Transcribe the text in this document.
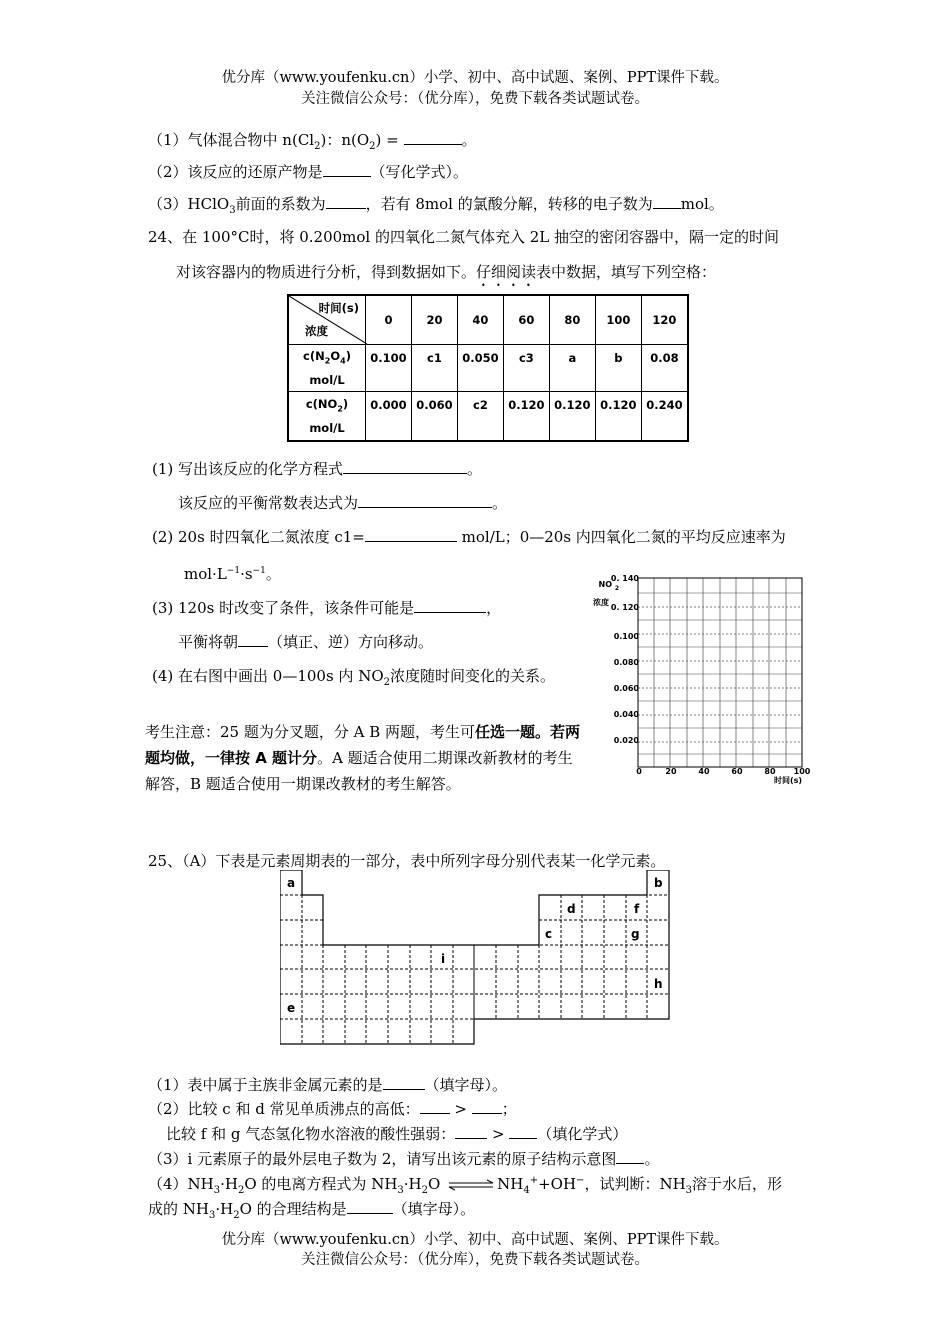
优分库（www.youfenku.cn）小学、初中、高中试题、案例、PPT课件下载。
关注微信公众号：（优分库），免费下载各类试题试卷。
（1）气体混合物中 $n(Cl_2)$：$n(O_2)$ =	。
（2）该反应的还原产物是	（写化学式）。
（3）HClO$_3$前面的系数为	，若有 8mol 的氯酸分解，转移的电子数为 mol。
24、在 100°C时，将 0.200mol 的四氧化二氮气体充入 2L 抽空的密闭容器中，隔一定的时间
对该容器内的物质进行分析，得到数据如下。仔细阅读表中数据，填写下列空格：
时间(s)
浓度	0	20	40	60	80	100	120
$c(N_2O_4)$
mol/L	0.100	c1	0.050	c3	a	b	0.08
$c(NO_2)$
mol/L	0.000	0.060	c2	0.120	0.120	0.120	0.240
(1) 写出该反应的化学方程式	。
该反应的平衡常数表达式为	。
(2) 20s 时四氧化二氮浓度 c1=	mol/L；0—20s 内四氧化二氮的平均反应速率为
$mol\cdot L^{-1}\cdot s^{-1}$。
(3) 120s 时改变了条件，该条件可能是	，
平衡将朝 （填正、逆）方向移动。
(4) 在右图中画出 0—100s 内 $NO_2$浓度随时间变化的关系。
NO 2
浓度
0. 140
0. 120
0.100
0.080
0.060
0.040
0.020
0	20	40	60	80 100
时间(s)
考生注意：25 题为分叉题，分 A B 两题，考生可任选一题。若两题均做，一律按 A 题计分。A 题适合使用二期课改新教材的考生解答，B 题适合使用一期课改教材的考生解答。
25、（A）下表是元素周期表的一部分，表中所列字母分别代表某一化学元素。
a	b
d	f
c	g
i
h
e
（1）表中属于主族非金属元素的是	（填字母）。
（2）比较 c 和 d 常见单质沸点的高低： > ；
比较 f 和 g 气态氢化物水溶液的酸性强弱： > （填化学式）
（3）i 元素原子的最外层电子数为 2，请写出该元素的原子结构示意图 。
$(4)NH_3\cdot H_2O$ 的电离方程式为 $NH_3\cdot H_2O$ $\rightleftharpoons NH_4^++OH^-$，试判断：$NH_3$溶于水后，形
成的 $NH_3\cdot H_2O$ 的合理结构是	（填字母）。
优分库（www.youfenku.cn）小学、初中、高中试题、案例、PPT课件下载。
关注微信公众号：（优分库），免费下载各类试题试卷。
